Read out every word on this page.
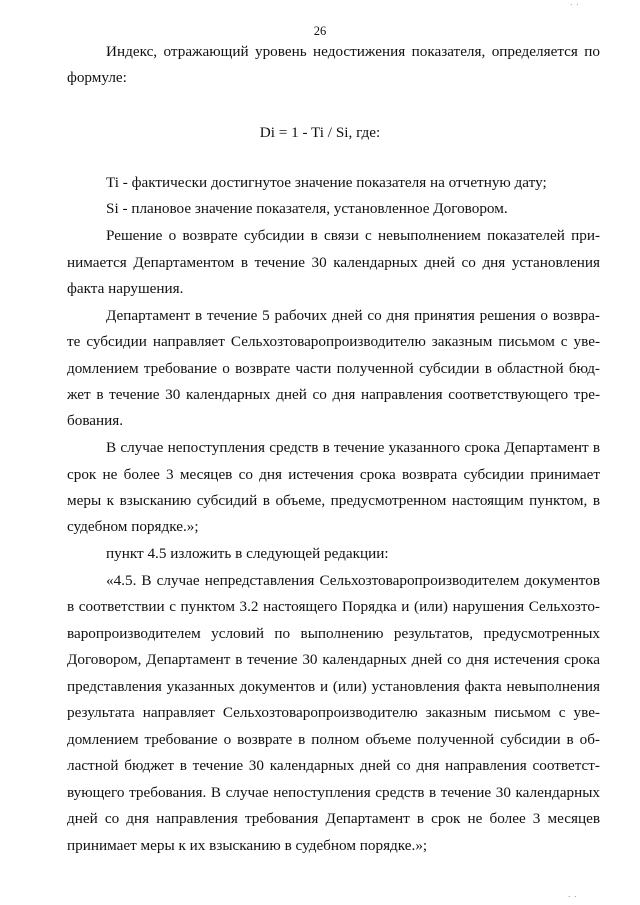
· ·
26
Индекс, отражающий уровень недостижения показателя, определяется по
формуле:
Di = 1 - Ti / Si, где:
Ti - фактически достигнутое значение показателя на отчетную дату;
Si - плановое значение показателя, установленное Договором.
Решение о возврате субсидии в связи с невыполнением показателей при-
нимается Департаментом в течение 30 календарных дней со дня установления
факта нарушения.
Департамент в течение 5 рабочих дней со дня принятия решения о возвра-
те субсидии направляет Сельхозтоваропроизводителю заказным письмом с уве-
домлением требование о возврате части полученной субсидии в областной бюд-
жет в течение 30 календарных дней со дня направления соответствующего тре-
бования.
В случае непоступления средств в течение указанного срока Департамент в
срок не более 3 месяцев со дня истечения срока возврата субсидии принимает
меры к взысканию субсидий в объеме, предусмотренном настоящим пунктом, в
судебном порядке.»;
пункт 4.5 изложить в следующей редакции:
«4.5. В случае непредставления Сельхозтоваропроизводителем документов
в соответствии с пунктом 3.2 настоящего Порядка и (или) нарушения Сельхозто-
варопроизводителем условий по выполнению результатов, предусмотренных
Договором, Департамент в течение 30 календарных дней со дня истечения срока
представления указанных документов и (или) установления факта невыполнения
результата направляет Сельхозтоваропроизводителю заказным письмом с уве-
домлением требование о возврате в полном объеме полученной субсидии в об-
ластной бюджет в течение 30 календарных дней со дня направления соответст-
вующего требования. В случае непоступления средств в течение 30 календарных
дней со дня направления требования Департамент в срок не более 3 месяцев
принимает меры к их взысканию в судебном порядке.»;
· ·
